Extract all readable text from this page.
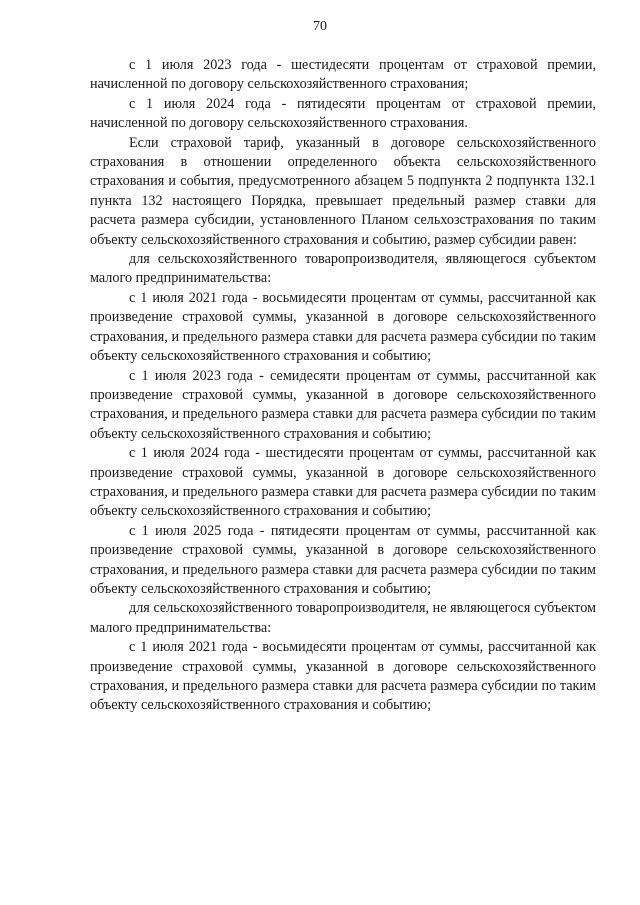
70

с 1 июля 2023 года - шестидесяти процентам от страховой премии, начисленной по договору сельскохозяйственного страхования;

с 1 июля 2024 года - пятидесяти процентам от страховой премии, начисленной по договору сельскохозяйственного страхования.

Если страховой тариф, указанный в договоре сельскохозяйственного страхования в отношении определенного объекта сельскохозяйственного страхования и события, предусмотренного абзацем 5 подпункта 2 подпункта 132.1 пункта 132 настоящего Порядка, превышает предельный размер ставки для расчета размера субсидии, установленного Планом сельхозстрахования по таким объекту сельскохозяйственного страхования и событию, размер субсидии равен:

для сельскохозяйственного товаропроизводителя, являющегося субъектом малого предпринимательства:

с 1 июля 2021 года - восьмидесяти процентам от суммы, рассчитанной как произведение страховой суммы, указанной в договоре сельскохозяйственного страхования, и предельного размера ставки для расчета размера субсидии по таким объекту сельскохозяйственного страхования и событию;

с 1 июля 2023 года - семидесяти процентам от суммы, рассчитанной как произведение страховой суммы, указанной в договоре сельскохозяйственного страхования, и предельного размера ставки для расчета размера субсидии по таким объекту сельскохозяйственного страхования и событию;

с 1 июля 2024 года - шестидесяти процентам от суммы, рассчитанной как произведение страховой суммы, указанной в договоре сельскохозяйственного страхования, и предельного размера ставки для расчета размера субсидии по таким объекту сельскохозяйственного страхования и событию;

с 1 июля 2025 года - пятидесяти процентам от суммы, рассчитанной как произведение страховой суммы, указанной в договоре сельскохозяйственного страхования, и предельного размера ставки для расчета размера субсидии по таким объекту сельскохозяйственного страхования и событию;

для сельскохозяйственного товаропроизводителя, не являющегося субъектом малого предпринимательства:

с 1 июля 2021 года - восьмидесяти процентам от суммы, рассчитанной как произведение страховой суммы, указанной в договоре сельскохозяйственного страхования, и предельного размера ставки для расчета размера субсидии по таким объекту сельскохозяйственного страхования и событию;
